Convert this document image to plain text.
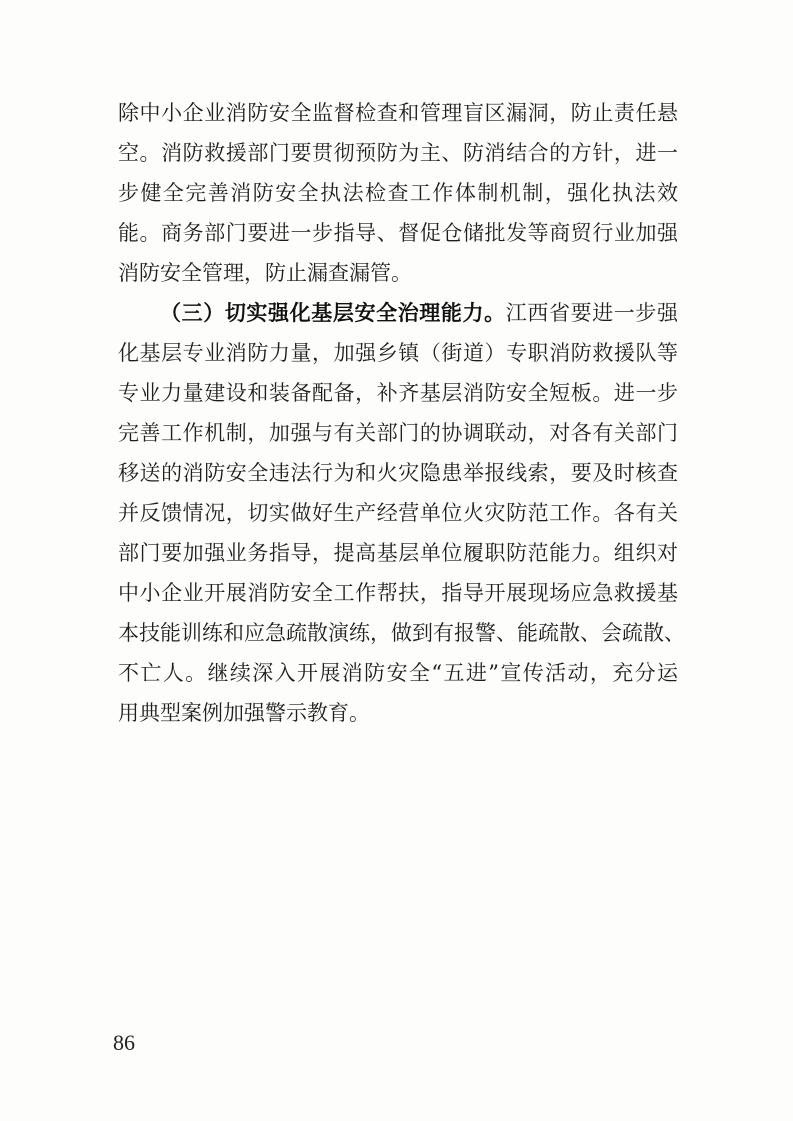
除中小企业消防安全监督检查和管理盲区漏洞，防止责任悬
空。消防救援部门要贯彻预防为主、防消结合的方针，进一
步健全完善消防安全执法检查工作体制机制，强化执法效
能。商务部门要进一步指导、督促仓储批发等商贸行业加强
消防安全管理，防止漏查漏管。
（三）切实强化基层安全治理能力。江西省要进一步强
化基层专业消防力量，加强乡镇（街道）专职消防救援队等
专业力量建设和装备配备，补齐基层消防安全短板。进一步
完善工作机制，加强与有关部门的协调联动，对各有关部门
移送的消防安全违法行为和火灾隐患举报线索，要及时核查
并反馈情况，切实做好生产经营单位火灾防范工作。各有关
部门要加强业务指导，提高基层单位履职防范能力。组织对
中小企业开展消防安全工作帮扶，指导开展现场应急救援基
本技能训练和应急疏散演练，做到有报警、能疏散、会疏散、
不亡人。继续深入开展消防安全“五进”宣传活动，充分运
用典型案例加强警示教育。
86
